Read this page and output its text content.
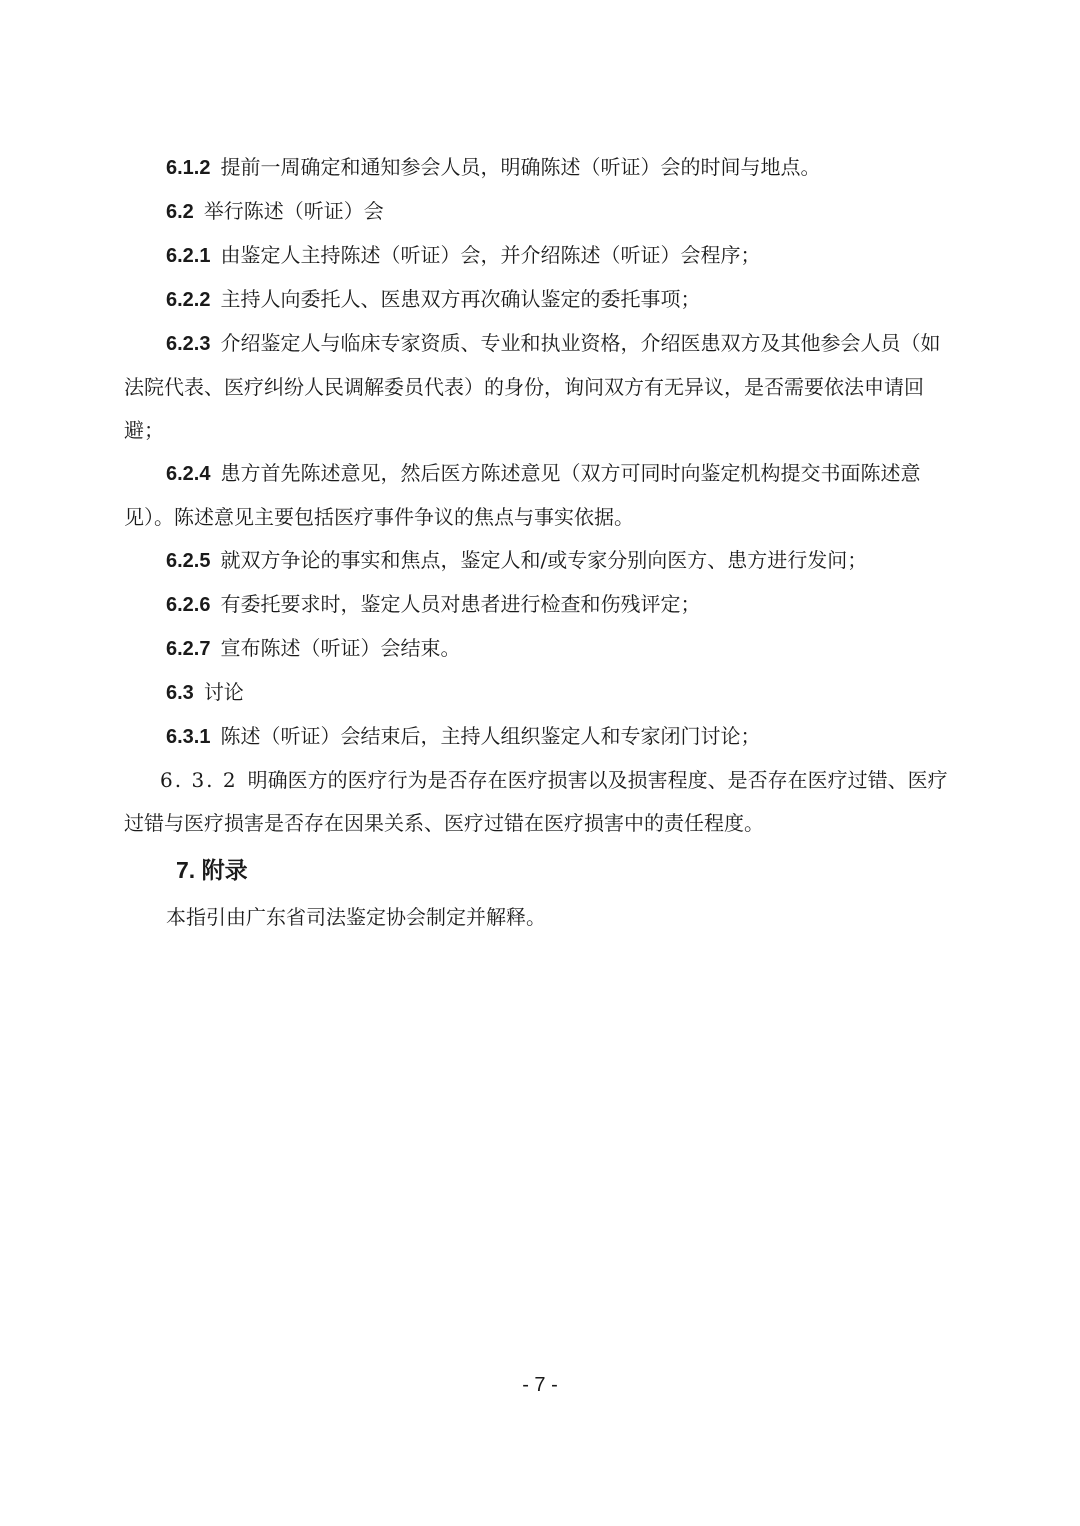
6.1.2 提前一周确定和通知参会人员，明确陈述（听证）会的时间与地点。

6.2 举行陈述（听证）会

6.2.1 由鉴定人主持陈述（听证）会，并介绍陈述（听证）会程序；

6.2.2 主持人向委托人、医患双方再次确认鉴定的委托事项；

6.2.3 介绍鉴定人与临床专家资质、专业和执业资格，介绍医患双方及其他参会人员（如法院代表、医疗纠纷人民调解委员代表）的身份，询问双方有无异议，是否需要依法申请回避；

6.2.4 患方首先陈述意见，然后医方陈述意见（双方可同时向鉴定机构提交书面陈述意见）。陈述意见主要包括医疗事件争议的焦点与事实依据。

6.2.5 就双方争论的事实和焦点，鉴定人和/或专家分别向医方、患方进行发问；

6.2.6 有委托要求时，鉴定人员对患者进行检查和伤残评定；

6.2.7 宣布陈述（听证）会结束。

6.3 讨论

6.3.1 陈述（听证）会结束后，主持人组织鉴定人和专家闭门讨论；

6. 3. 2 明确医方的医疗行为是否存在医疗损害以及损害程度、是否存在医疗过错、医疗过错与医疗损害是否存在因果关系、医疗过错在医疗损害中的责任程度。

7. 附录

本指引由广东省司法鉴定协会制定并解释。

- 7 -
